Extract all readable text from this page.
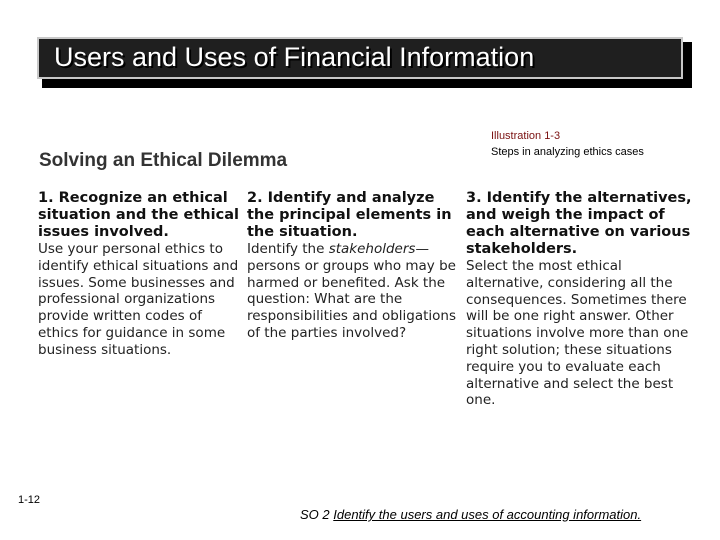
Users and Uses of Financial Information
Illustration 1-3
Steps in analyzing ethics cases
Solving an Ethical Dilemma
1. Recognize an ethical situation and the ethical issues involved.
Use your personal ethics to identify ethical situations and issues. Some businesses and professional organizations provide written codes of ethics for guidance in some business situations.
2. Identify and analyze the principal elements in the situation.
Identify the stakeholders— persons or groups who may be harmed or benefited. Ask the question: What are the responsibilities and obligations of the parties involved?
3. Identify the alternatives, and weigh the impact of each alternative on various stakeholders.
Select the most ethical alternative, considering all the consequences. Sometimes there will be one right answer. Other situations involve more than one right solution; these situations require you to evaluate each alternative and select the best one.
1-12
SO 2 Identify the users and uses of accounting information.
